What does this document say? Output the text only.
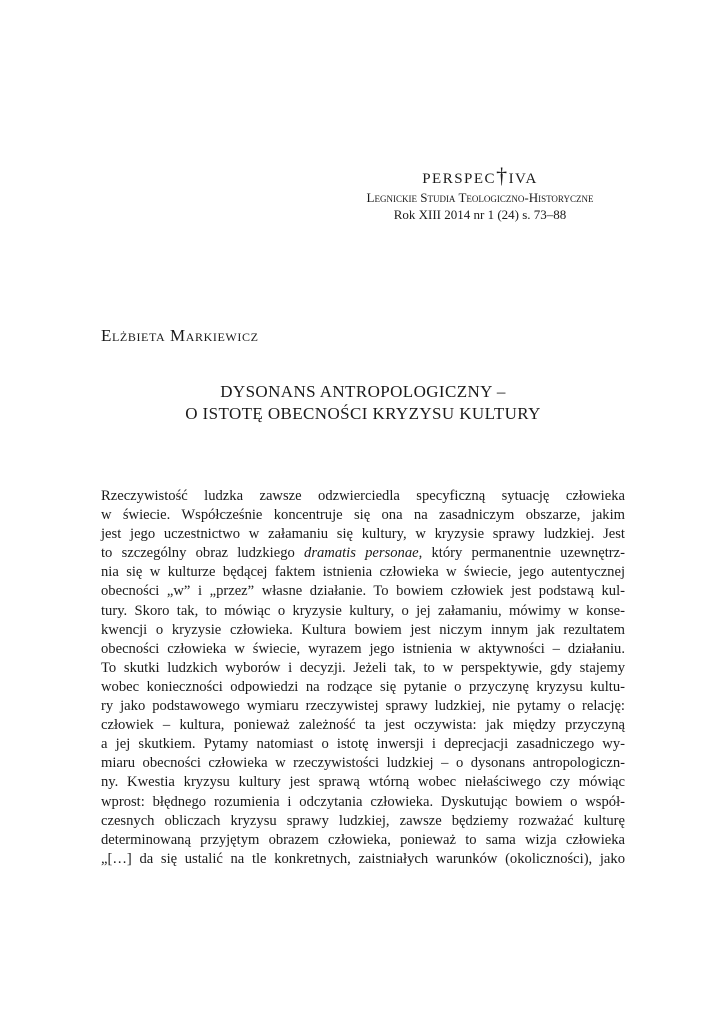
perspec†iva
Legnickie Studia Teologiczno-Historyczne
Rok XIII 2014 nr 1 (24) s. 73–88
Elżbieta Markiewicz
DYSONANS ANTROPOLOGICZNY –
O ISTOTĘ OBECNOŚCI KRYZYSU KULTURY
Rzeczywistość ludzka zawsze odzwierciedla specyficzną sytuację człowieka
w świecie. Współcześnie koncentruje się ona na zasadniczym obszarze, jakim
jest jego uczestnictwo w załamaniu się kultury, w kryzysie sprawy ludzkiej. Jest
to szczególny obraz ludzkiego dramatis personae, który permanentnie uzewnętrz-
nia się w kulturze będącej faktem istnienia człowieka w świecie, jego autentycznej
obecności „w” i „przez” własne działanie. To bowiem człowiek jest podstawą kul-
tury. Skoro tak, to mówiąc o kryzysie kultury, o jej załamaniu, mówimy w konse-
kwencji o kryzysie człowieka. Kultura bowiem jest niczym innym jak rezultatem
obecności człowieka w świecie, wyrazem jego istnienia w aktywności – działaniu.
To skutki ludzkich wyborów i decyzji. Jeżeli tak, to w perspektywie, gdy stajemy
wobec konieczności odpowiedzi na rodzące się pytanie o przyczynę kryzysu kultu-
ry jako podstawowego wymiaru rzeczywistej sprawy ludzkiej, nie pytamy o relację:
człowiek – kultura, ponieważ zależność ta jest oczywista: jak między przyczyną
a jej skutkiem. Pytamy natomiast o istotę inwersji i deprecjacji zasadniczego wy-
miaru obecności człowieka w rzeczywistości ludzkiej – o dysonans antropologiczn-
ny. Kwestia kryzysu kultury jest sprawą wtórną wobec niełaściwego czy mówiąc
wprost: błędnego rozumienia i odczytania człowieka. Dyskutując bowiem o współ-
czesnych obliczach kryzysu sprawy ludzkiej, zawsze będziemy rozważać kulturę
determinowaną przyjętym obrazem człowieka, ponieważ to sama wizja człowieka
„[…] da się ustalić na tle konkretnych, zaistniałych warunków (okoliczności), jako
